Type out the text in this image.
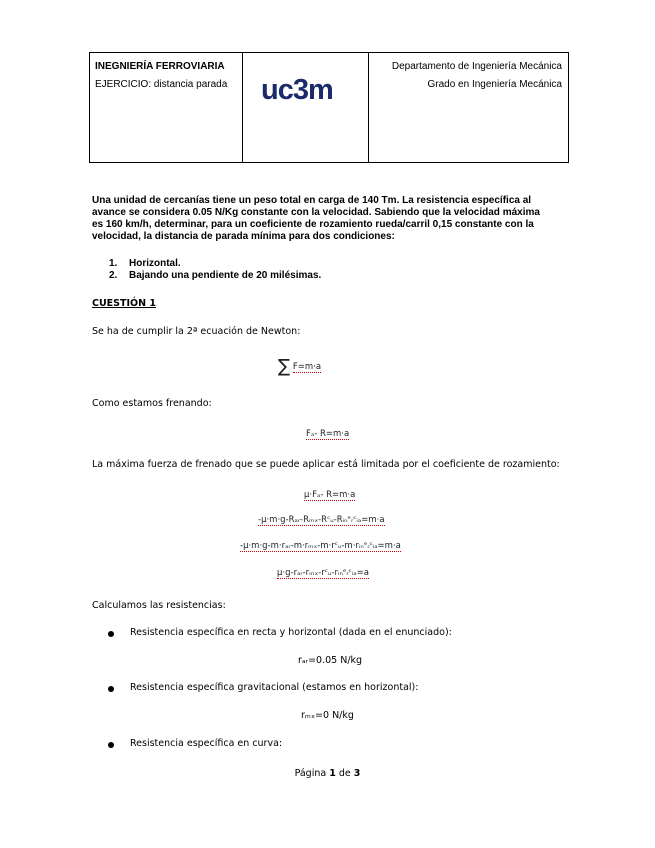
INEGNIERÍA FERROVIARIA
EJERCICIO: distancia parada	uc3m

Departamento de Ingeniería Mecánica
Grado en Ingeniería Mecánica
Una unidad de cercanías tiene un peso total en carga de 140 Tm. La resistencia específica al
avance se considera 0.05 N/Kg constante con la velocidad. Sabiendo que la velocidad máxima
es 160 km/h, determinar, para un coeficiente de rozamiento rueda/carril 0,15 constante con la
velocidad, la distancia de parada mínima para dos condiciones:
1. Horizontal.
2. Bajando una pendiente de 20 milésimas.
CUESTIÓN 1
Se ha de cumplir la 2ª ecuación de Newton:
∑ F=m·a
Como estamos frenando:
Fₐ- R=m·a
La máxima fuerza de frenado que se puede aplicar está limitada por el coeficiente de rozamiento:
μ·Fₐ- R=m·a
-μ·m·g-Rₐᵣ-Rₘₓ-Rᶜᵤ-Rᵢₙᵉᵣᶜᵢₐ=m·a
-μ·m·g-m·rₐᵣ-m·rₘₓ-m·rᶜᵤ-m·rᵢₙᵉᵣᶜᵢₐ=m·a
μ·g-rₐᵣ-rₘₓ-rᶜᵤ-rᵢₙᵉᵣᶜᵢₐ=a
Calculamos las resistencias:
Resistencia específica en recta y horizontal (dada en el enunciado):
rₐᵣ=0.05 N/kg
Resistencia específica gravitacional (estamos en horizontal):
rₘₓ=0 N/kg
Resistencia específica en curva:
Página 1 de 3
